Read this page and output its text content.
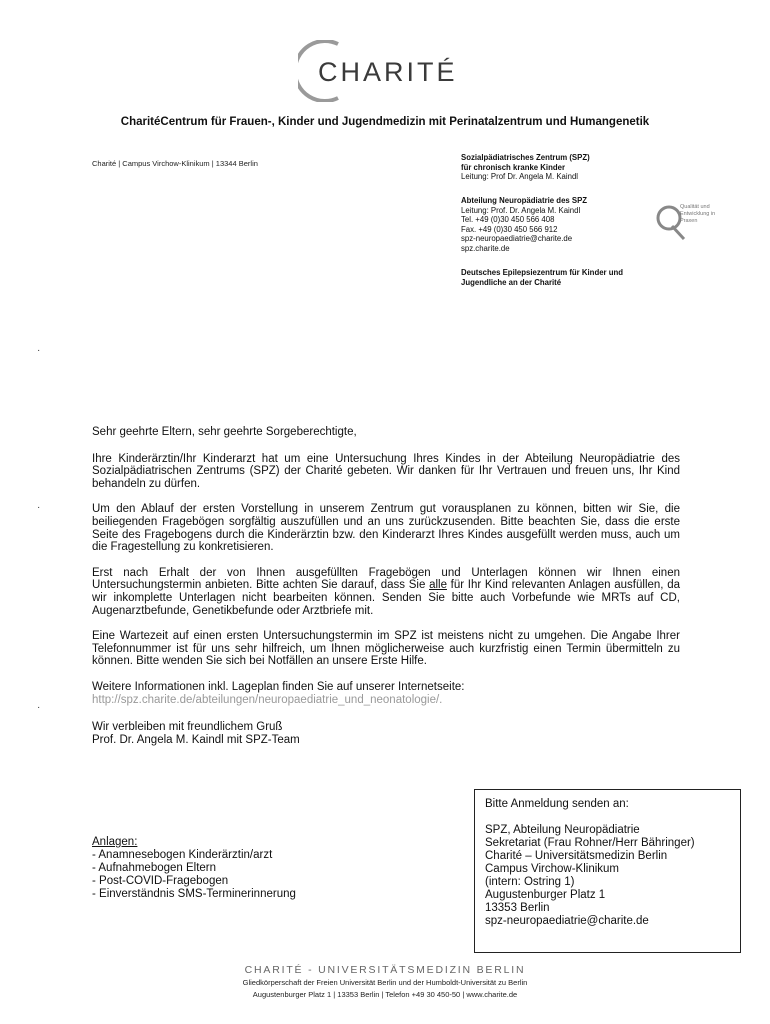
CHARITÉ
CharitéCentrum für Frauen-, Kinder und Jugendmedizin mit Perinatalzentrum und Humangenetik
Charité | Campus Virchow-Klinikum | 13344 Berlin
Sozialpädiatrisches Zentrum (SPZ)
für chronisch kranke Kinder
Leitung: Prof Dr. Angela M. Kaindl
Abteilung Neuropädiatrie des SPZ
Leitung: Prof. Dr. Angela M. Kaindl
Tel. +49 (0)30 450 566 408
Fax. +49 (0)30 450 566 912
spz-neuropaediatrie@charite.de
spz.charite.de
Deutsches Epilepsiezentrum für Kinder und
Jugendliche an der Charité
Qualität und
Entwicklung in
Praxen
·
·
·

Sehr geehrte Eltern, sehr geehrte Sorgeberechtigte,

Ihre Kinderärztin/Ihr Kinderarzt hat um eine Untersuchung Ihres Kindes in der Abteilung Neuropädiatrie des Sozialpädiatrischen Zentrums (SPZ) der Charité gebeten. Wir danken für Ihr Vertrauen und freuen uns, Ihr Kind behandeln zu dürfen.

Um den Ablauf der ersten Vorstellung in unserem Zentrum gut vorausplanen zu können, bitten wir Sie, die beiliegenden Fragebögen sorgfältig auszufüllen und an uns zurückzusenden. Bitte beachten Sie, dass die erste Seite des Fragebogens durch die Kinderärztin bzw. den Kinderarzt Ihres Kindes ausgefüllt werden muss, auch um die Fragestellung zu konkretisieren.

Erst nach Erhalt der von Ihnen ausgefüllten Fragebögen und Unterlagen können wir Ihnen einen Untersuchungstermin anbieten. Bitte achten Sie darauf, dass Sie alle für Ihr Kind relevanten Anlagen ausfüllen, da wir inkomplette Unterlagen nicht bearbeiten können. Senden Sie bitte auch Vorbefunde wie MRTs auf CD, Augenarztbefunde, Genetikbefunde oder Arztbriefe mit.

Eine Wartezeit auf einen ersten Untersuchungstermin im SPZ ist meistens nicht zu umgehen. Die Angabe Ihrer Telefonnummer ist für uns sehr hilfreich, um Ihnen möglicherweise auch kurzfristig einen Termin übermitteln zu können. Bitte wenden Sie sich bei Notfällen an unsere Erste Hilfe.

Weitere Informationen inkl. Lageplan finden Sie auf unserer Internetseite:
http://spz.charite.de/abteilungen/neuropaediatrie_und_neonatologie/.

Wir verbleiben mit freundlichem Gruß
Prof. Dr. Angela M. Kaindl mit SPZ-Team

Anlagen:
- Anamnesebogen Kinderärztin/arzt
- Aufnahmebogen Eltern
- Post-COVID-Fragebogen
- Einverständnis SMS-Terminerinnerung
Bitte Anmeldung senden an:
SPZ, Abteilung Neuropädiatrie
Sekretariat (Frau Rohner/Herr Bähringer)
Charité – Universitätsmedizin Berlin
Campus Virchow-Klinikum
(intern: Ostring 1)
Augustenburger Platz 1
13353 Berlin
spz-neuropaediatrie@charite.de
CHARITÉ - UNIVERSITÄTSMEDIZIN BERLIN
Gliedkörperschaft der Freien Universität Berlin und der Humboldt-Universität zu Berlin
Augustenburger Platz 1 | 13353 Berlin | Telefon +49 30 450-50 | www.charite.de
